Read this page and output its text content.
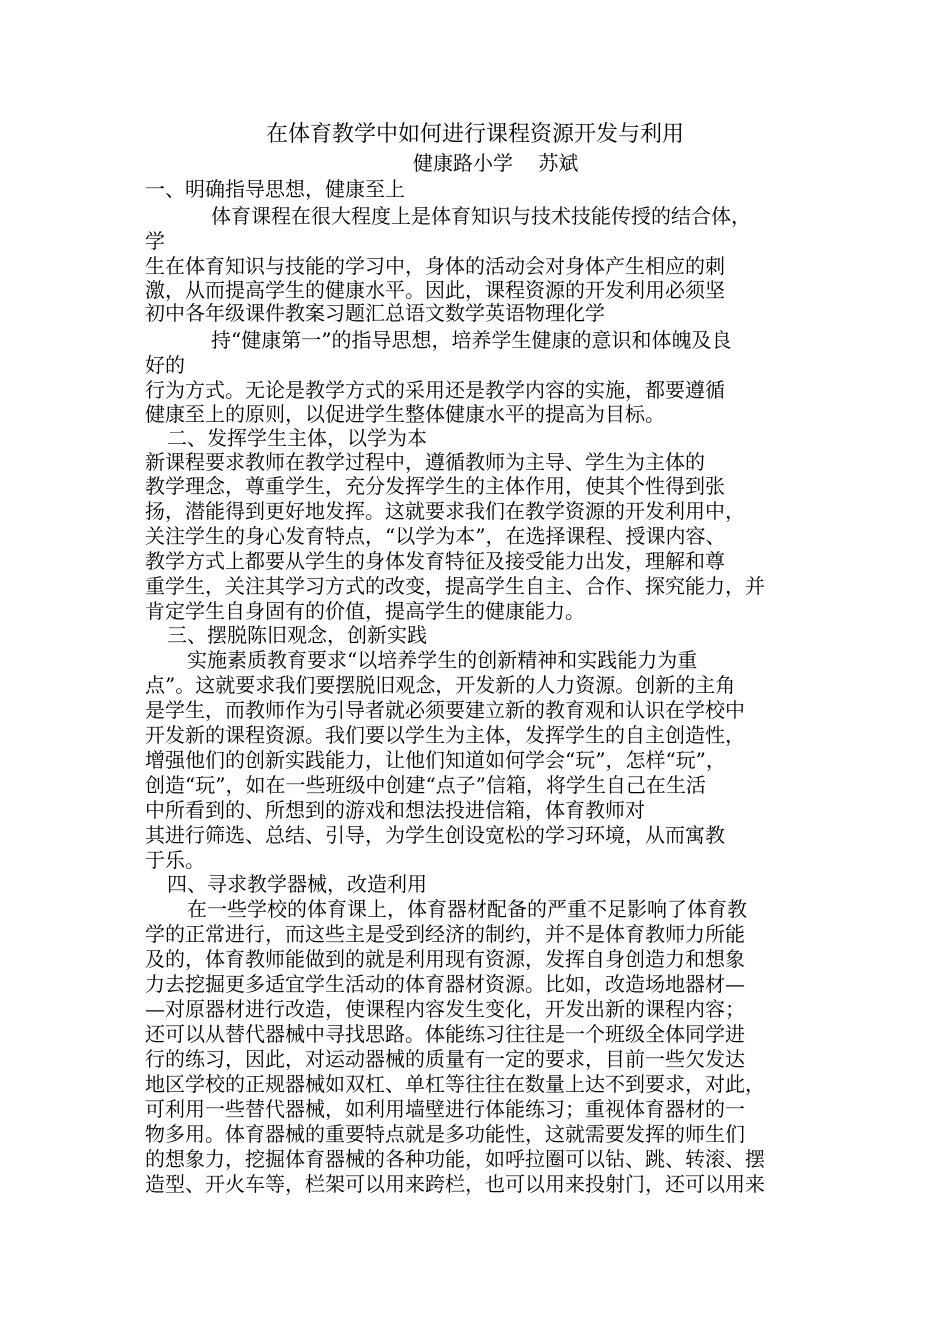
在体育教学中如何进行课程资源开发与利用
健康路小学    苏斌
一、明确指导思想，健康至上
体育课程在很大程度上是体育知识与技术技能传授的结合体，
学
生在体育知识与技能的学习中，身体的活动会对身体产生相应的刺
激，从而提高学生的健康水平。因此，课程资源的开发利用必须坚
初中各年级课件教案习题汇总语文数学英语物理化学
持“健康第一”的指导思想，培养学生健康的意识和体魄及良
好的
行为方式。无论是教学方式的采用还是教学内容的实施，都要遵循
健康至上的原则，以促进学生整体健康水平的提高为目标。
二、发挥学生主体，以学为本
新课程要求教师在教学过程中，遵循教师为主导、学生为主体的
教学理念，尊重学生，充分发挥学生的主体作用，使其个性得到张
扬，潜能得到更好地发挥。这就要求我们在教学资源的开发利用中，
关注学生的身心发育特点，“以学为本”，在选择课程、授课内容、
教学方式上都要从学生的身体发育特征及接受能力出发，理解和尊
重学生，关注其学习方式的改变，提高学生自主、合作、探究能力，并
肯定学生自身固有的价值，提高学生的健康能力。
三、摆脱陈旧观念，创新实践
实施素质教育要求“以培养学生的创新精神和实践能力为重
点”。这就要求我们要摆脱旧观念，开发新的人力资源。创新的主角
是学生，而教师作为引导者就必须要建立新的教育观和认识在学校中
开发新的课程资源。我们要以学生为主体，发挥学生的自主创造性，
增强他们的创新实践能力，让他们知道如何学会“玩”，怎样“玩”，
创造“玩”，如在一些班级中创建“点子”信箱，将学生自己在生活
中所看到的、所想到的游戏和想法投进信箱，体育教师对
其进行筛选、总结、引导，为学生创设宽松的学习环境，从而寓教
于乐。
四、寻求教学器械，改造利用
在一些学校的体育课上，体育器材配备的严重不足影响了体育教
学的正常进行，而这些主是受到经济的制约，并不是体育教师力所能
及的，体育教师能做到的就是利用现有资源，发挥自身创造力和想象
力去挖掘更多适宜学生活动的体育器材资源。比如，改造场地器材—
—对原器材进行改造，使课程内容发生变化，开发出新的课程内容；
还可以从替代器械中寻找思路。体能练习往往是一个班级全体同学进
行的练习，因此，对运动器械的质量有一定的要求，目前一些欠发达
地区学校的正规器械如双杠、单杠等往往在数量上达不到要求，对此，
可利用一些替代器械，如利用墙壁进行体能练习；重视体育器材的一
物多用。体育器械的重要特点就是多功能性，这就需要发挥的师生们
的想象力，挖掘体育器械的各种功能，如呼拉圈可以钻、跳、转滚、摆
造型、开火车等，栏架可以用来跨栏，也可以用来投射门，还可以用来
